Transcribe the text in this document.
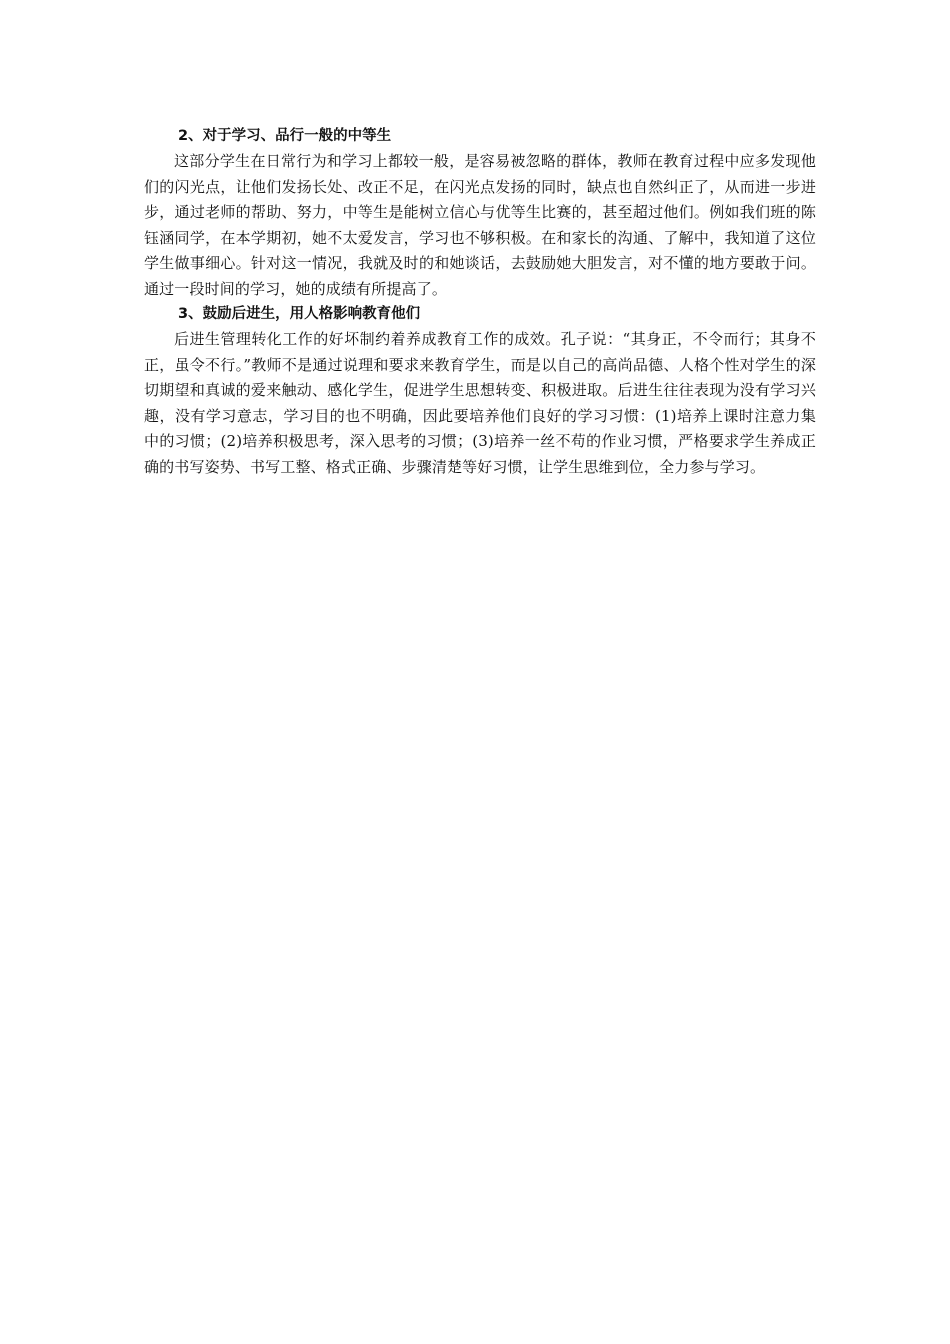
2、对于学习、品行一般的中等生

这部分学生在日常行为和学习上都较一般，是容易被忽略的群体，教师在教育过程中应多发现他们的闪光点，让他们发扬长处、改正不足，在闪光点发扬的同时，缺点也自然纠正了，从而进一步进步，通过老师的帮助、努力，中等生是能树立信心与优等生比赛的，甚至超过他们。例如我们班的陈钰涵同学，在本学期初，她不太爱发言，学习也不够积极。在和家长的沟通、了解中，我知道了这位学生做事细心。针对这一情况，我就及时的和她谈话，去鼓励她大胆发言，对不懂的地方要敢于问。通过一段时间的学习，她的成绩有所提高了。

3、鼓励后进生，用人格影响教育他们

后进生管理转化工作的好坏制约着养成教育工作的成效。孔子说：“其身正，不令而行；其身不正，虽令不行。”教师不是通过说理和要求来教育学生，而是以自己的高尚品德、人格个性对学生的深切期望和真诚的爱来触动、感化学生，促进学生思想转变、积极进取。后进生往往表现为没有学习兴趣，没有学习意志，学习目的也不明确，因此要培养他们良好的学习习惯：(1)培养上课时注意力集中的习惯；(2)培养积极思考，深入思考的习惯；(3)培养一丝不苟的作业习惯，严格要求学生养成正确的书写姿势、书写工整、格式正确、步骤清楚等好习惯，让学生思维到位，全力参与学习。
